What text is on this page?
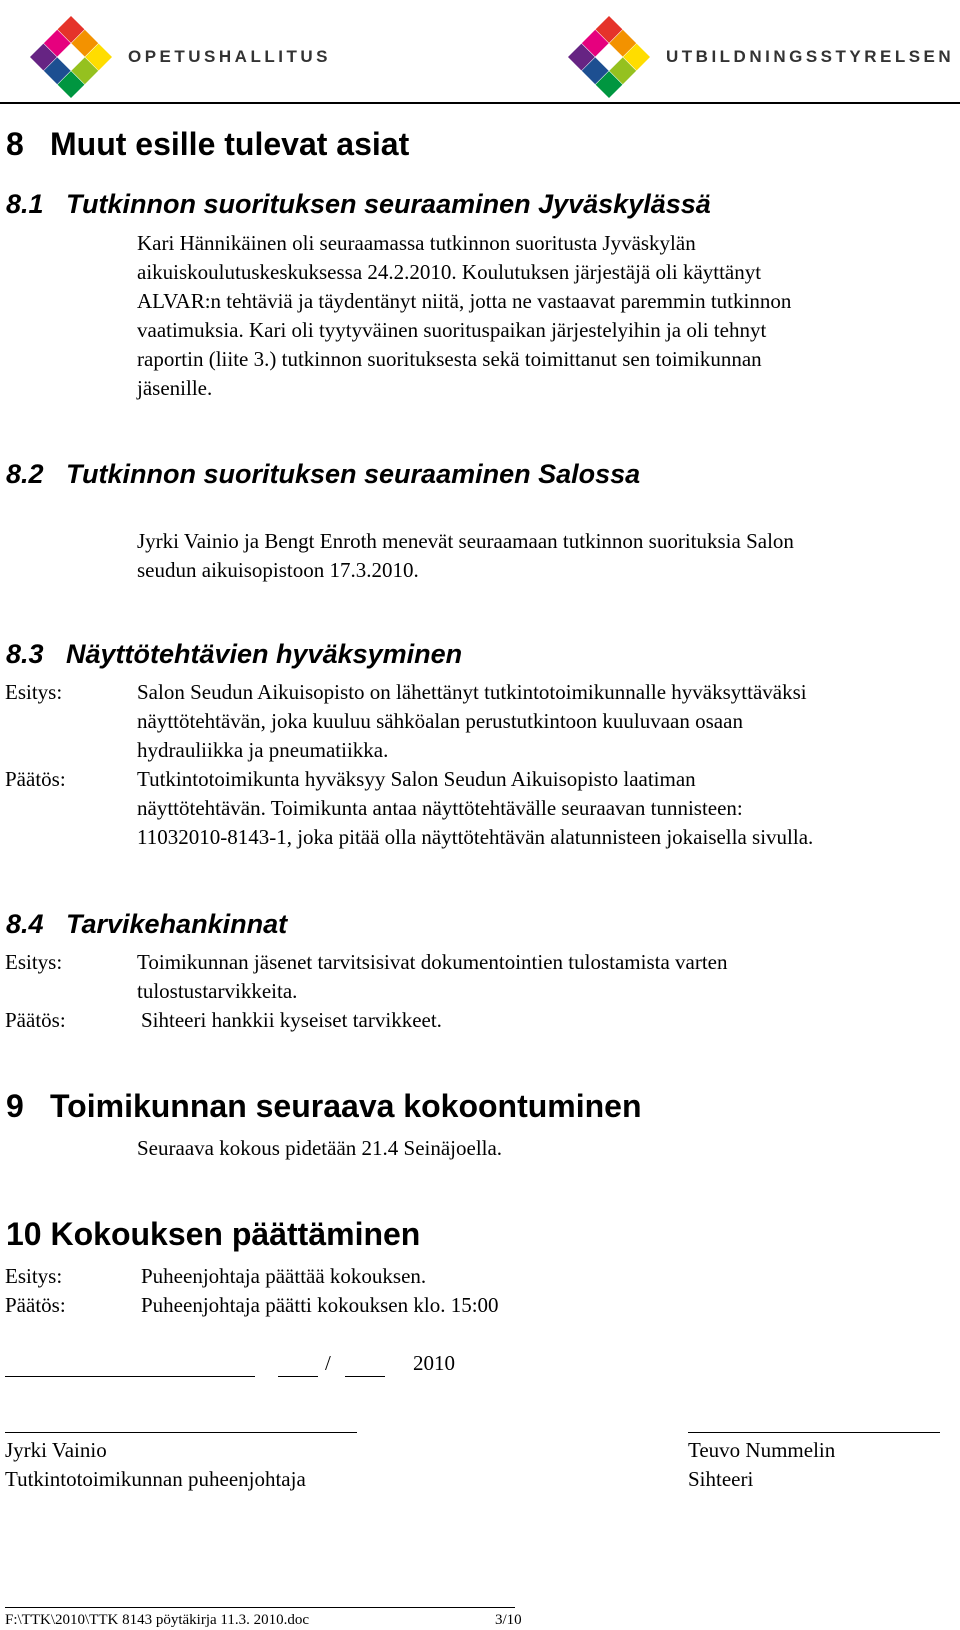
OPETUSHALLITUS	UTBILDNINGSSTYRELSEN
8 Muut esille tulevat asiat
8.1 Tutkinnon suorituksen seuraaminen Jyväskylässä
Kari Hännikäinen oli seuraamassa tutkinnon suoritusta Jyväskylän
aikuiskoulutuskeskuksessa 24.2.2010. Koulutuksen järjestäjä oli käyttänyt
ALVAR:n tehtäviä ja täydentänyt niitä, jotta ne vastaavat paremmin tutkinnon
vaatimuksia. Kari oli tyytyväinen suorituspaikan järjestelyihin ja oli tehnyt
raportin (liite 3.) tutkinnon suorituksesta sekä toimittanut sen toimikunnan
jäsenille.
8.2 Tutkinnon suorituksen seuraaminen Salossa
Jyrki Vainio ja Bengt Enroth menevät seuraamaan tutkinnon suorituksia Salon
seudun aikuisopistoon 17.3.2010.
8.3 Näyttötehtävien hyväksyminen
Esitys:	Salon Seudun Aikuisopisto on lähettänyt tutkintotoimikunnalle hyväksyttäväksi
näyttötehtävän, joka kuuluu sähköalan perustutkintoon kuuluvaan osaan
hydrauliikka ja pneumatiikka.
Päätös:	Tutkintotoimikunta hyväksyy Salon Seudun Aikuisopisto laatiman
näyttötehtävän. Toimikunta antaa näyttötehtävälle seuraavan tunnisteen:
11032010-8143-1, joka pitää olla näyttötehtävän alatunnisteen jokaisella sivulla.
8.4 Tarvikehankinnat
Esitys:	Toimikunnan jäsenet tarvitsisivat dokumentointien tulostamista varten
tulostustarvikkeita.
Päätös:	Sihteeri hankkii kyseiset tarvikkeet.
9 Toimikunnan seuraava kokoontuminen
Seuraava kokous pidetään 21.4 Seinäjoella.
10 Kokouksen päättäminen
Esitys:	Puheenjohtaja päättää kokouksen.
Päätös:	Puheenjohtaja päätti kokouksen klo. 15:00
/	2010
Jyrki Vainio
Tutkintotoimikunnan puheenjohtaja
Teuvo Nummelin
Sihteeri
F:\TTK\2010\TTK 8143 pöytäkirja 11.3. 2010.doc	3/10
